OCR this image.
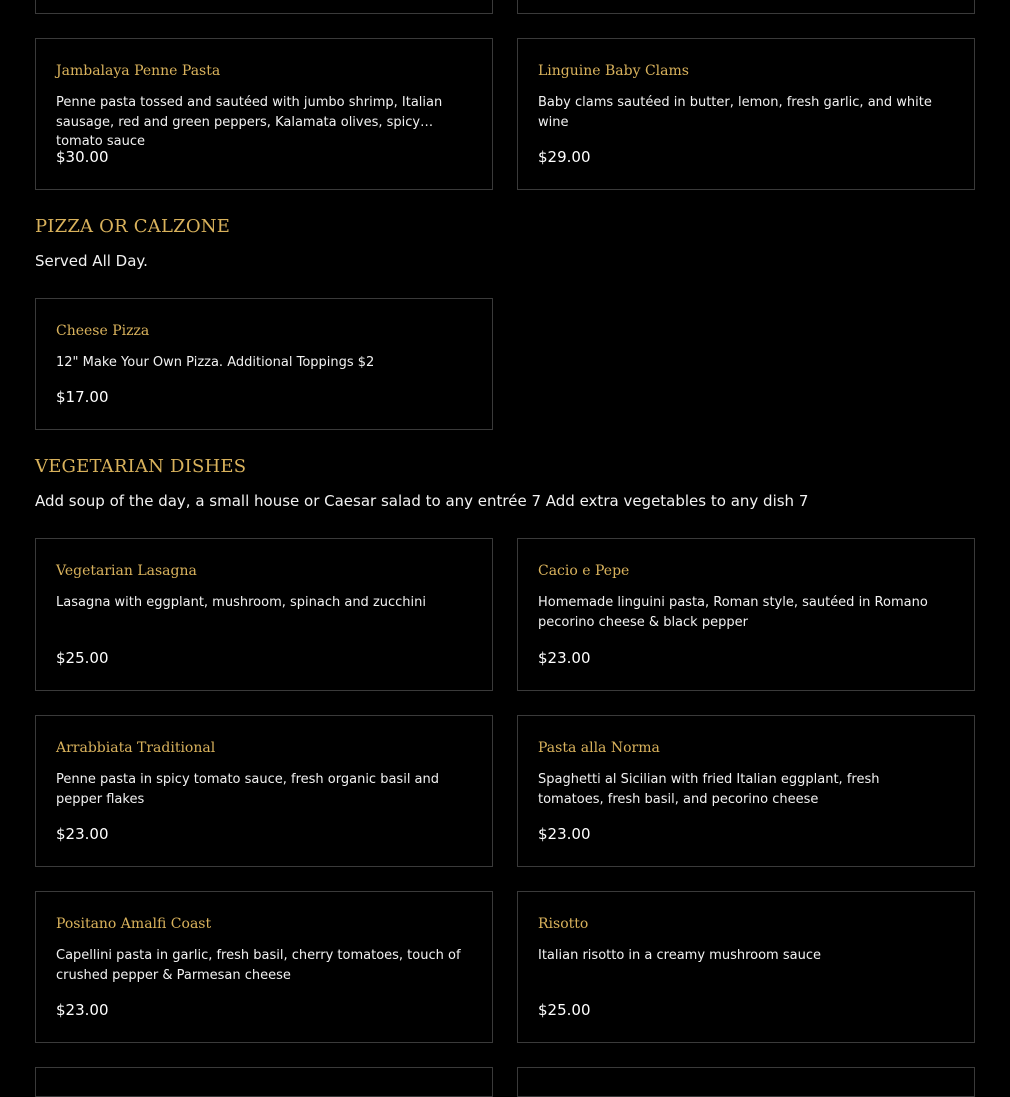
Jambalaya Penne Pasta
Penne pasta tossed and sautéed with jumbo shrimp, Italian sausage, red and green peppers, Kalamata olives, spicy tomato sauce
$30.00
Linguine Baby Clams
Baby clams sautéed in butter, lemon, fresh garlic, and white wine
$29.00
PIZZA OR CALZONE
Served All Day.
Cheese Pizza
12" Make Your Own Pizza. Additional Toppings $2
$17.00
VEGETARIAN DISHES
Add soup of the day, a small house or Caesar salad to any entrée 7 Add extra vegetables to any dish 7
Vegetarian Lasagna
Lasagna with eggplant, mushroom, spinach and zucchini
$25.00
Cacio e Pepe
Homemade linguini pasta, Roman style, sautéed in Romano pecorino cheese & black pepper
$23.00
Arrabbiata Traditional
Penne pasta in spicy tomato sauce, fresh organic basil and pepper flakes
$23.00
Pasta alla Norma
Spaghetti al Sicilian with fried Italian eggplant, fresh tomatoes, fresh basil, and pecorino cheese
$23.00
Positano Amalfi Coast
Capellini pasta in garlic, fresh basil, cherry tomatoes, touch of crushed pepper & Parmesan cheese
$23.00
Risotto
Italian risotto in a creamy mushroom sauce
$25.00
